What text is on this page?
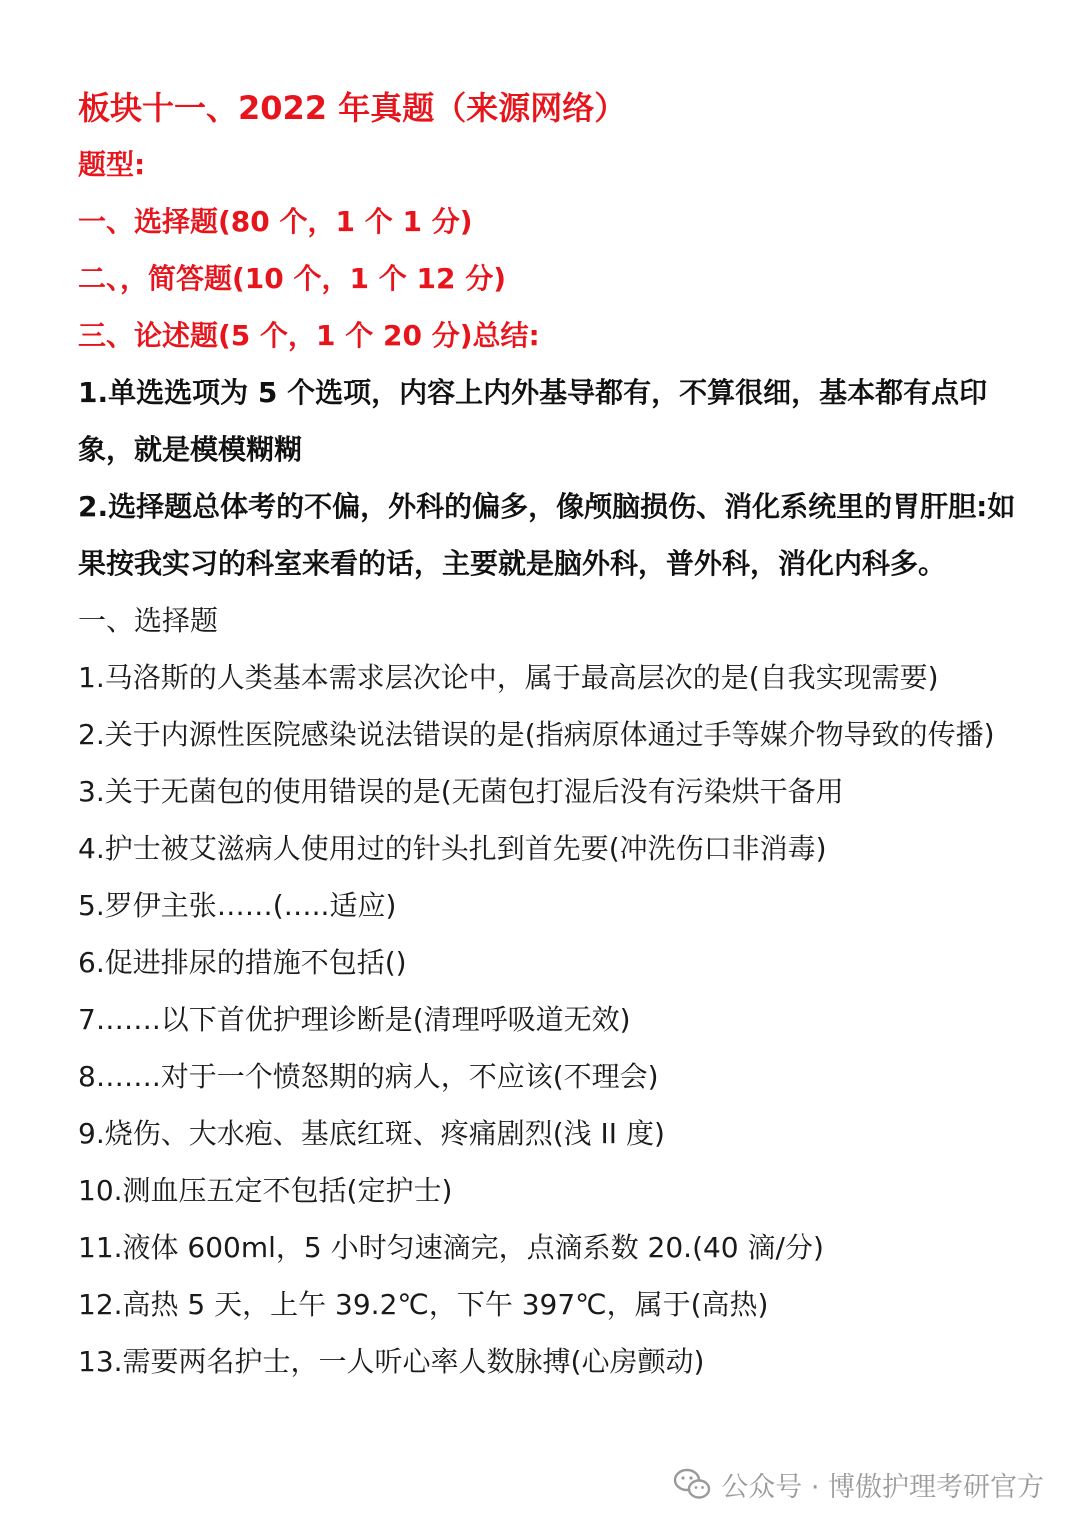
板块十一、2022 年真题（来源网络）
题型:
一、选择题(80 个，1 个 1 分)
二、，简答题(10 个，1 个 12 分)
三、论述题(5 个，1 个 20 分)总结:
1.单选选项为 5 个选项，内容上内外基导都有，不算很细，基本都有点印象，就是模模糊糊
2.选择题总体考的不偏，外科的偏多，像颅脑损伤、消化系统里的胃肝胆:如果按我实习的科室来看的话，主要就是脑外科，普外科，消化内科多。
一、选择题
1.马洛斯的人类基本需求层次论中，属于最高层次的是(自我实现需要)
2.关于内源性医院感染说法错误的是(指病原体通过手等媒介物导致的传播)
3.关于无菌包的使用错误的是(无菌包打湿后没有污染烘干备用
4.护士被艾滋病人使用过的针头扎到首先要(冲洗伤口非消毒)
5.罗伊主张……(…..适应)
6.促进排尿的措施不包括()
7…….以下首优护理诊断是(清理呼吸道无效)
8…….对于一个愤怒期的病人，不应该(不理会)
9.烧伤、大水疱、基底红斑、疼痛剧烈(浅 II 度)
10.测血压五定不包括(定护士)
11.液体 600ml，5 小时匀速滴完，点滴系数 20.(40 滴/分)
12.高热 5 天，上午 39.2℃，下午 397℃，属于(高热)
13.需要两名护士，一人听心率人数脉搏(心房颤动)
公众号 · 博傲护理考研官方
